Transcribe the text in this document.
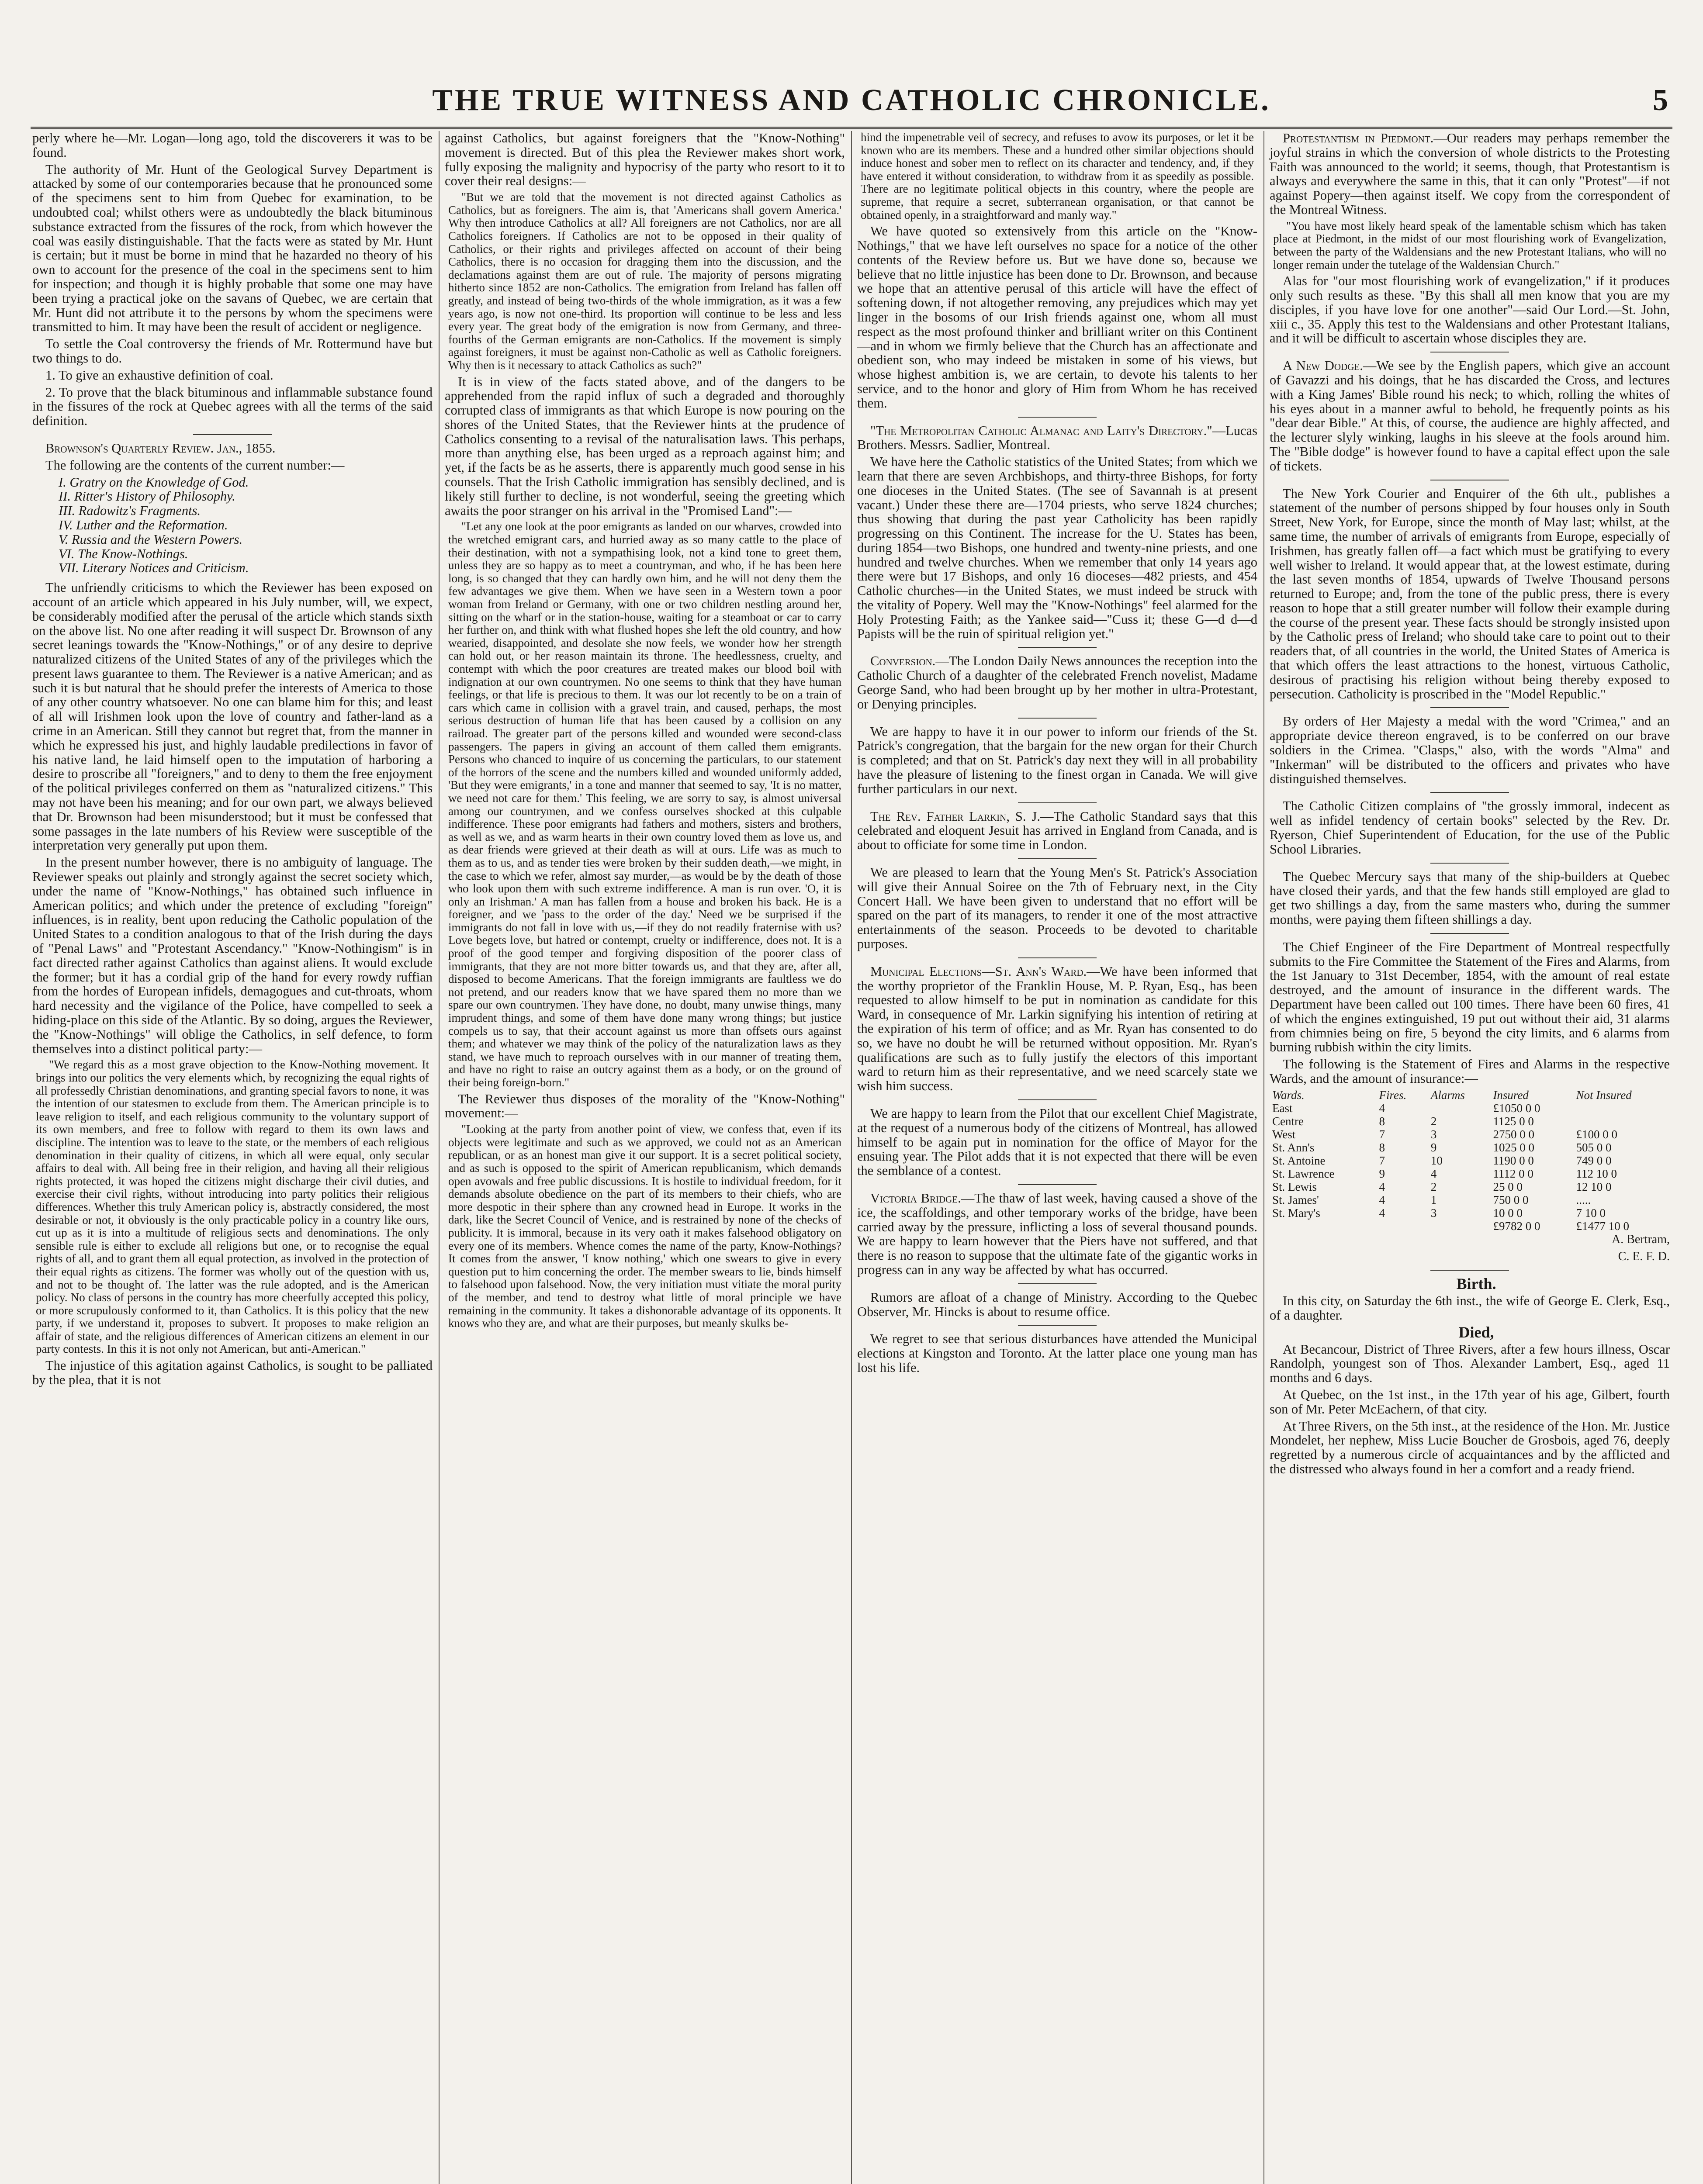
THE TRUE WITNESS AND CATHOLIC CHRONICLE.	5

perly where he—Mr. Logan—long ago, told the discoverers it was to be found.

The authority of Mr. Hunt of the Geological Survey Department is attacked by some of our contemporaries because that he pronounced some of the specimens sent to him from Quebec for examination, to be undoubted coal; whilst others were as undoubtedly the black bituminous substance extracted from the fissures of the rock, from which however the coal was easily distinguishable. That the facts were as stated by Mr. Hunt is certain; but it must be borne in mind that he hazarded no theory of his own to account for the presence of the coal in the specimens sent to him for inspection; and though it is highly probable that some one may have been trying a practical joke on the savans of Quebec, we are certain that Mr. Hunt did not attribute it to the persons by whom the specimens were transmitted to him. It may have been the result of accident or negligence.

To settle the Coal controversy the friends of Mr. Rottermund have but two things to do.

1. To give an exhaustive definition of coal.

2. To prove that the black bituminous and inflammable substance found in the fissures of the rock at Quebec agrees with all the terms of the said definition.

Brownson's Quarterly Review. Jan., 1855.

The following are the contents of the current number:—

I. Gratry on the Knowledge of God.
II. Ritter's History of Philosophy.
III. Radowitz's Fragments.
IV. Luther and the Reformation.
V. Russia and the Western Powers.
VI. The Know-Nothings.
VII. Literary Notices and Criticism.

The unfriendly criticisms to which the Reviewer has been exposed on account of an article which appeared in his July number, will, we expect, be considerably modified after the perusal of the article which stands sixth on the above list. No one after reading it will suspect Dr. Brownson of any secret leanings towards the "Know-Nothings," or of any desire to deprive naturalized citizens of the United States of any of the privileges which the present laws guarantee to them. The Reviewer is a native American; and as such it is but natural that he should prefer the interests of America to those of any other country whatsoever. No one can blame him for this; and least of all will Irishmen look upon the love of country and father-land as a crime in an American. Still they cannot but regret that, from the manner in which he expressed his just, and highly laudable predilections in favor of his native land, he laid himself open to the imputation of harboring a desire to proscribe all "foreigners," and to deny to them the free enjoyment of the political privileges conferred on them as "naturalized citizens." This may not have been his meaning; and for our own part, we always believed that Dr. Brownson had been misunderstood; but it must be confessed that some passages in the late numbers of his Review were susceptible of the interpretation very generally put upon them.

In the present number however, there is no ambiguity of language. The Reviewer speaks out plainly and strongly against the secret society which, under the name of "Know-Nothings," has obtained such influence in American politics; and which under the pretence of excluding "foreign" influences, is in reality, bent upon reducing the Catholic population of the United States to a condition analogous to that of the Irish during the days of "Penal Laws" and "Protestant Ascendancy." "Know-Nothingism" is in fact directed rather against Catholics than against aliens. It would exclude the former; but it has a cordial grip of the hand for every rowdy ruffian from the hordes of European infidels, demagogues and cut-throats, whom hard necessity and the vigilance of the Police, have compelled to seek a hiding-place on this side of the Atlantic. By so doing, argues the Reviewer, the "Know-Nothings" will oblige the Catholics, in self defence, to form themselves into a distinct political party:—

"We regard this as a most grave objection to the Know-Nothing movement. It brings into our politics the very elements which, by recognizing the equal rights of all professedly Christian denominations, and granting special favors to none, it was the intention of our statesmen to exclude from them. The American principle is to leave religion to itself, and each religious community to the voluntary support of its own members, and free to follow with regard to them its own laws and discipline. The intention was to leave to the state, or the members of each religious denomination in their quality of citizens, in which all were equal, only secular affairs to deal with. All being free in their religion, and having all their religious rights protected, it was hoped the citizens might discharge their civil duties, and exercise their civil rights, without introducing into party politics their religious differences. Whether this truly American policy is, abstractly considered, the most desirable or not, it obviously is the only practicable policy in a country like ours, cut up as it is into a multitude of religious sects and denominations. The only sensible rule is either to exclude all religions but one, or to recognise the equal rights of all, and to grant them all equal protection, as involved in the protection of their equal rights as citizens. The former was wholly out of the question with us, and not to be thought of. The latter was the rule adopted, and is the American policy. No class of persons in the country has more cheerfully accepted this policy, or more scrupulously conformed to it, than Catholics. It is this policy that the new party, if we understand it, proposes to subvert. It proposes to make religion an affair of state, and the religious differences of American citizens an element in our party contests. In this it is not only not American, but anti-American."

The injustice of this agitation against Catholics, is sought to be palliated by the plea, that it is not

against Catholics, but against foreigners that the "Know-Nothing" movement is directed. But of this plea the Reviewer makes short work, fully exposing the malignity and hypocrisy of the party who resort to it to cover their real designs:—

"But we are told that the movement is not directed against Catholics as Catholics, but as foreigners. The aim is, that 'Americans shall govern America.' Why then introduce Catholics at all? All foreigners are not Catholics, nor are all Catholics foreigners. If Catholics are not to be opposed in their quality of Catholics, or their rights and privileges affected on account of their being Catholics, there is no occasion for dragging them into the discussion, and the declamations against them are out of rule. The majority of persons migrating hitherto since 1852 are non-Catholics. The emigration from Ireland has fallen off greatly, and instead of being two-thirds of the whole immigration, as it was a few years ago, is now not one-third. Its proportion will continue to be less and less every year. The great body of the emigration is now from Germany, and three-fourths of the German emigrants are non-Catholics. If the movement is simply against foreigners, it must be against non-Catholic as well as Catholic foreigners. Why then is it necessary to attack Catholics as such?"

It is in view of the facts stated above, and of the dangers to be apprehended from the rapid influx of such a degraded and thoroughly corrupted class of immigrants as that which Europe is now pouring on the shores of the United States, that the Reviewer hints at the prudence of Catholics consenting to a revisal of the naturalisation laws. This perhaps, more than anything else, has been urged as a reproach against him; and yet, if the facts be as he asserts, there is apparently much good sense in his counsels. That the Irish Catholic immigration has sensibly declined, and is likely still further to decline, is not wonderful, seeing the greeting which awaits the poor stranger on his arrival in the "Promised Land":—

"Let any one look at the poor emigrants as landed on our wharves, crowded into the wretched emigrant cars, and hurried away as so many cattle to the place of their destination, with not a sympathising look, not a kind tone to greet them, unless they are so happy as to meet a countryman, and who, if he has been here long, is so changed that they can hardly own him, and he will not deny them the few advantages we give them. When we have seen in a Western town a poor woman from Ireland or Germany, with one or two children nestling around her, sitting on the wharf or in the station-house, waiting for a steamboat or car to carry her further on, and think with what flushed hopes she left the old country, and how wearied, disappointed, and desolate she now feels, we wonder how her strength can hold out, or her reason maintain its throne. The heedlessness, cruelty, and contempt with which the poor creatures are treated makes our blood boil with indignation at our own countrymen. No one seems to think that they have human feelings, or that life is precious to them. It was our lot recently to be on a train of cars which came in collision with a gravel train, and caused, perhaps, the most serious destruction of human life that has been caused by a collision on any railroad. The greater part of the persons killed and wounded were second-class passengers. The papers in giving an account of them called them emigrants. Persons who chanced to inquire of us concerning the particulars, to our statement of the horrors of the scene and the numbers killed and wounded uniformly added, 'But they were emigrants,' in a tone and manner that seemed to say, 'It is no matter, we need not care for them.' This feeling, we are sorry to say, is almost universal among our countrymen, and we confess ourselves shocked at this culpable indifference. These poor emigrants had fathers and mothers, sisters and brothers, as well as we, and as warm hearts in their own country loved them as love us, and as dear friends were grieved at their death as will at ours. Life was as much to them as to us, and as tender ties were broken by their sudden death,—we might, in the case to which we refer, almost say murder,—as would be by the death of those who look upon them with such extreme indifference. A man is run over. 'O, it is only an Irishman.' A man has fallen from a house and broken his back. He is a foreigner, and we 'pass to the order of the day.' Need we be surprised if the immigrants do not fall in love with us,—if they do not readily fraternise with us? Love begets love, but hatred or contempt, cruelty or indifference, does not. It is a proof of the good temper and forgiving disposition of the poorer class of immigrants, that they are not more bitter towards us, and that they are, after all, disposed to become Americans. That the foreign immigrants are faultless we do not pretend, and our readers know that we have spared them no more than we spare our own countrymen. They have done, no doubt, many unwise things, many imprudent things, and some of them have done many wrong things; but justice compels us to say, that their account against us more than offsets ours against them; and whatever we may think of the policy of the naturalization laws as they stand, we have much to reproach ourselves with in our manner of treating them, and have no right to raise an outcry against them as a body, or on the ground of their being foreign-born."

The Reviewer thus disposes of the morality of the "Know-Nothing" movement:—

"Looking at the party from another point of view, we confess that, even if its objects were legitimate and such as we approved, we could not as an American republican, or as an honest man give it our support. It is a secret political society, and as such is opposed to the spirit of American republicanism, which demands open avowals and free public discussions. It is hostile to individual freedom, for it demands absolute obedience on the part of its members to their chiefs, who are more despotic in their sphere than any crowned head in Europe. It works in the dark, like the Secret Council of Venice, and is restrained by none of the checks of publicity. It is immoral, because in its very oath it makes falsehood obligatory on every one of its members. Whence comes the name of the party, Know-Nothings? It comes from the answer, 'I know nothing,' which one swears to give in every question put to him concerning the order. The member swears to lie, binds himself to falsehood upon falsehood. Now, the very initiation must vitiate the moral purity of the member, and tend to destroy what little of moral principle we have remaining in the community. It takes a dishonorable advantage of its opponents. It knows who they are, and what are their purposes, but meanly skulks be-

hind the impenetrable veil of secrecy, and refuses to avow its purposes, or let it be known who are its members. These and a hundred other similar objections should induce honest and sober men to reflect on its character and tendency, and, if they have entered it without consideration, to withdraw from it as speedily as possible. There are no legitimate political objects in this country, where the people are supreme, that require a secret, subterranean organisation, or that cannot be obtained openly, in a straightforward and manly way."

We have quoted so extensively from this article on the "Know-Nothings," that we have left ourselves no space for a notice of the other contents of the Review before us. But we have done so, because we believe that no little injustice has been done to Dr. Brownson, and because we hope that an attentive perusal of this article will have the effect of softening down, if not altogether removing, any prejudices which may yet linger in the bosoms of our Irish friends against one, whom all must respect as the most profound thinker and brilliant writer on this Continent—and in whom we firmly believe that the Church has an affectionate and obedient son, who may indeed be mistaken in some of his views, but whose highest ambition is, we are certain, to devote his talents to her service, and to the honor and glory of Him from Whom he has received them.

"The Metropolitan Catholic Almanac and Laity's Directory."—Lucas Brothers. Messrs. Sadlier, Montreal.

We have here the Catholic statistics of the United States; from which we learn that there are seven Archbishops, and thirty-three Bishops, for forty one dioceses in the United States. (The see of Savannah is at present vacant.) Under these there are—1704 priests, who serve 1824 churches; thus showing that during the past year Catholicity has been rapidly progressing on this Continent. The increase for the U. States has been, during 1854—two Bishops, one hundred and twenty-nine priests, and one hundred and twelve churches. When we remember that only 14 years ago there were but 17 Bishops, and only 16 dioceses—482 priests, and 454 Catholic churches—in the United States, we must indeed be struck with the vitality of Popery. Well may the "Know-Nothings" feel alarmed for the Holy Protesting Faith; as the Yankee said—"Cuss it; these G—d d—d Papists will be the ruin of spiritual religion yet."

Conversion.—The London Daily News announces the reception into the Catholic Church of a daughter of the celebrated French novelist, Madame George Sand, who had been brought up by her mother in ultra-Protestant, or Denying principles.

We are happy to have it in our power to inform our friends of the St. Patrick's congregation, that the bargain for the new organ for their Church is completed; and that on St. Patrick's day next they will in all probability have the pleasure of listening to the finest organ in Canada. We will give further particulars in our next.

The Rev. Father Larkin, S. J.—The Catholic Standard says that this celebrated and eloquent Jesuit has arrived in England from Canada, and is about to officiate for some time in London.

We are pleased to learn that the Young Men's St. Patrick's Association will give their Annual Soiree on the 7th of February next, in the City Concert Hall. We have been given to understand that no effort will be spared on the part of its managers, to render it one of the most attractive entertainments of the season. Proceeds to be devoted to charitable purposes.

Municipal Elections—St. Ann's Ward.—We have been informed that the worthy proprietor of the Franklin House, M. P. Ryan, Esq., has been requested to allow himself to be put in nomination as candidate for this Ward, in consequence of Mr. Larkin signifying his intention of retiring at the expiration of his term of office; and as Mr. Ryan has consented to do so, we have no doubt he will be returned without opposition. Mr. Ryan's qualifications are such as to fully justify the electors of this important ward to return him as their representative, and we need scarcely state we wish him success.

We are happy to learn from the Pilot that our excellent Chief Magistrate, at the request of a numerous body of the citizens of Montreal, has allowed himself to be again put in nomination for the office of Mayor for the ensuing year. The Pilot adds that it is not expected that there will be even the semblance of a contest.

Victoria Bridge.—The thaw of last week, having caused a shove of the ice, the scaffoldings, and other temporary works of the bridge, have been carried away by the pressure, inflicting a loss of several thousand pounds. We are happy to learn however that the Piers have not suffered, and that there is no reason to suppose that the ultimate fate of the gigantic works in progress can in any way be affected by what has occurred.

Rumors are afloat of a change of Ministry. According to the Quebec Observer, Mr. Hincks is about to resume office.

We regret to see that serious disturbances have attended the Municipal elections at Kingston and Toronto. At the latter place one young man has lost his life.

Protestantism in Piedmont.—Our readers may perhaps remember the joyful strains in which the conversion of whole districts to the Protesting Faith was announced to the world; it seems, though, that Protestantism is always and everywhere the same in this, that it can only "Protest"—if not against Popery—then against itself. We copy from the correspondent of the Montreal Witness.

"You have most likely heard speak of the lamentable schism which has taken place at Piedmont, in the midst of our most flourishing work of Evangelization, between the party of the Waldensians and the new Protestant Italians, who will no longer remain under the tutelage of the Waldensian Church."

Alas for "our most flourishing work of evangelization," if it produces only such results as these. "By this shall all men know that you are my disciples, if you have love for one another"—said Our Lord.—St. John, xiii c., 35. Apply this test to the Waldensians and other Protestant Italians, and it will be difficult to ascertain whose disciples they are.

A New Dodge.—We see by the English papers, which give an account of Gavazzi and his doings, that he has discarded the Cross, and lectures with a King James' Bible round his neck; to which, rolling the whites of his eyes about in a manner awful to behold, he frequently points as his "dear dear Bible." At this, of course, the audience are highly affected, and the lecturer slyly winking, laughs in his sleeve at the fools around him. The "Bible dodge" is however found to have a capital effect upon the sale of tickets.

The New York Courier and Enquirer of the 6th ult., publishes a statement of the number of persons shipped by four houses only in South Street, New York, for Europe, since the month of May last; whilst, at the same time, the number of arrivals of emigrants from Europe, especially of Irishmen, has greatly fallen off—a fact which must be gratifying to every well wisher to Ireland. It would appear that, at the lowest estimate, during the last seven months of 1854, upwards of Twelve Thousand persons returned to Europe; and, from the tone of the public press, there is every reason to hope that a still greater number will follow their example during the course of the present year. These facts should be strongly insisted upon by the Catholic press of Ireland; who should take care to point out to their readers that, of all countries in the world, the United States of America is that which offers the least attractions to the honest, virtuous Catholic, desirous of practising his religion without being thereby exposed to persecution. Catholicity is proscribed in the "Model Republic."

By orders of Her Majesty a medal with the word "Crimea," and an appropriate device thereon engraved, is to be conferred on our brave soldiers in the Crimea. "Clasps," also, with the words "Alma" and "Inkerman" will be distributed to the officers and privates who have distinguished themselves.

The Catholic Citizen complains of "the grossly immoral, indecent as well as infidel tendency of certain books" selected by the Rev. Dr. Ryerson, Chief Superintendent of Education, for the use of the Public School Libraries.

The Quebec Mercury says that many of the ship-builders at Quebec have closed their yards, and that the few hands still employed are glad to get two shillings a day, from the same masters who, during the summer months, were paying them fifteen shillings a day.

The Chief Engineer of the Fire Department of Montreal respectfully submits to the Fire Committee the Statement of the Fires and Alarms, from the 1st January to 31st December, 1854, with the amount of real estate destroyed, and the amount of insurance in the different wards. The Department have been called out 100 times. There have been 60 fires, 41 of which the engines extinguished, 19 put out without their aid, 31 alarms from chimnies being on fire, 5 beyond the city limits, and 6 alarms from burning rubbish within the city limits.

The following is the Statement of Fires and Alarms in the respective Wards, and the amount of insurance:—

Wards.	Fires.	Alarms	Insured	Not Insured
East	4		£1050 0 0	
Centre	8	2	1125 0 0	
West	7	3	2750 0 0	£100 0 0
St. Ann's	8	9	1025 0 0	505 0 0
St. Antoine	7	10	1190 0 0	749 0 0
St. Lawrence	9	4	1112 0 0	112 10 0
St. Lewis	4	2	25 0 0	12 10 0
St. James'	4	1	750 0 0	.....
St. Mary's	4	3	10 0 0	7 10 0
			£9782 0 0	£1477 10 0

A. Bertram,

C. E. F. D.

Birth.

In this city, on Saturday the 6th inst., the wife of George E. Clerk, Esq., of a daughter.

Died,

At Becancour, District of Three Rivers, after a few hours illness, Oscar Randolph, youngest son of Thos. Alexander Lambert, Esq., aged 11 months and 6 days.

At Quebec, on the 1st inst., in the 17th year of his age, Gilbert, fourth son of Mr. Peter McEachern, of that city.

At Three Rivers, on the 5th inst., at the residence of the Hon. Mr. Justice Mondelet, her nephew, Miss Lucie Boucher de Grosbois, aged 76, deeply regretted by a numerous circle of acquaintances and by the afflicted and the distressed who always found in her a comfort and a ready friend.
